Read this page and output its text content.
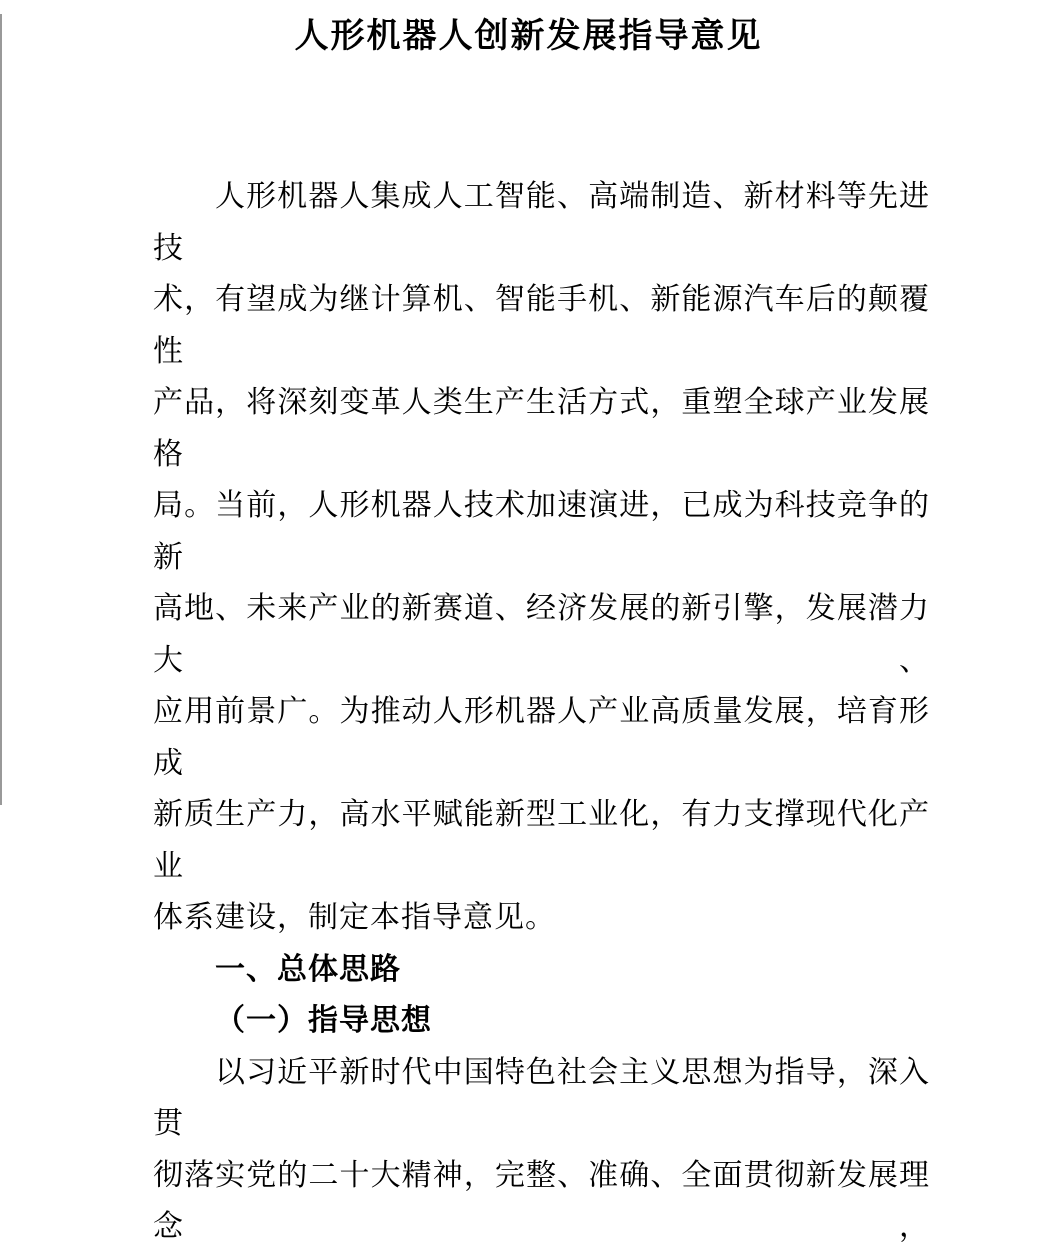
人形机器人创新发展指导意见
人形机器人集成人工智能、高端制造、新材料等先进技
术，有望成为继计算机、智能手机、新能源汽车后的颠覆性
产品，将深刻变革人类生产生活方式，重塑全球产业发展格
局。当前，人形机器人技术加速演进，已成为科技竞争的新
高地、未来产业的新赛道、经济发展的新引擎，发展潜力大、
应用前景广。为推动人形机器人产业高质量发展，培育形成
新质生产力，高水平赋能新型工业化，有力支撑现代化产业
体系建设，制定本指导意见。
一、总体思路
（一）指导思想
以习近平新时代中国特色社会主义思想为指导，深入贯
彻落实党的二十大精神，完整、准确、全面贯彻新发展理念，
